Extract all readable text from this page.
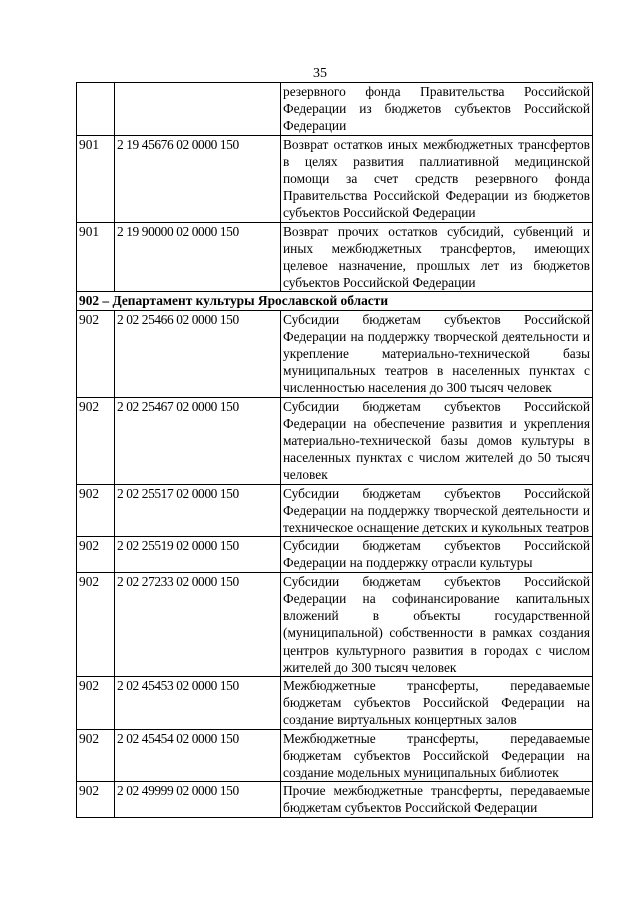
35
		резервного фонда Правительства Российской Федерации из бюджетов субъектов Российской Федерации
901	2 19 45676 02 0000 150	Возврат остатков иных межбюджетных трансфертов в целях развития паллиативной медицинской помощи за счет средств резервного фонда Правительства Российской Федерации из бюджетов субъектов Российской Федерации
901	2 19 90000 02 0000 150	Возврат прочих остатков субсидий, субвенций и иных межбюджетных трансфертов, имеющих целевое назначение, прошлых лет из бюджетов субъектов Российской Федерации
902 – Департамент культуры Ярославской области		
902	2 02 25466 02 0000 150	Субсидии бюджетам субъектов Российской Федерации на поддержку творческой деятельности и укрепление материально-технической базы муниципальных театров в населенных пунктах с численностью населения до 300 тысяч человек
902	2 02 25467 02 0000 150	Субсидии бюджетам субъектов Российской Федерации на обеспечение развития и укрепления материально-технической базы домов культуры в населенных пунктах с числом жителей до 50 тысяч человек
902	2 02 25517 02 0000 150	Субсидии бюджетам субъектов Российской Федерации на поддержку творческой деятельности и техническое оснащение детских и кукольных театров
902	2 02 25519 02 0000 150	Субсидии бюджетам субъектов Российской Федерации на поддержку отрасли культуры
902	2 02 27233 02 0000 150	Субсидии бюджетам субъектов Российской Федерации на софинансирование капитальных вложений в объекты государственной (муниципальной) собственности в рамках создания центров культурного развития в городах с числом жителей до 300 тысяч человек
902	2 02 45453 02 0000 150	Межбюджетные трансферты, передаваемые бюджетам субъектов Российской Федерации на создание виртуальных концертных залов
902	2 02 45454 02 0000 150	Межбюджетные трансферты, передаваемые бюджетам субъектов Российской Федерации на создание модельных муниципальных библиотек
902	2 02 49999 02 0000 150	Прочие межбюджетные трансферты, передаваемые бюджетам субъектов Российской Федерации
